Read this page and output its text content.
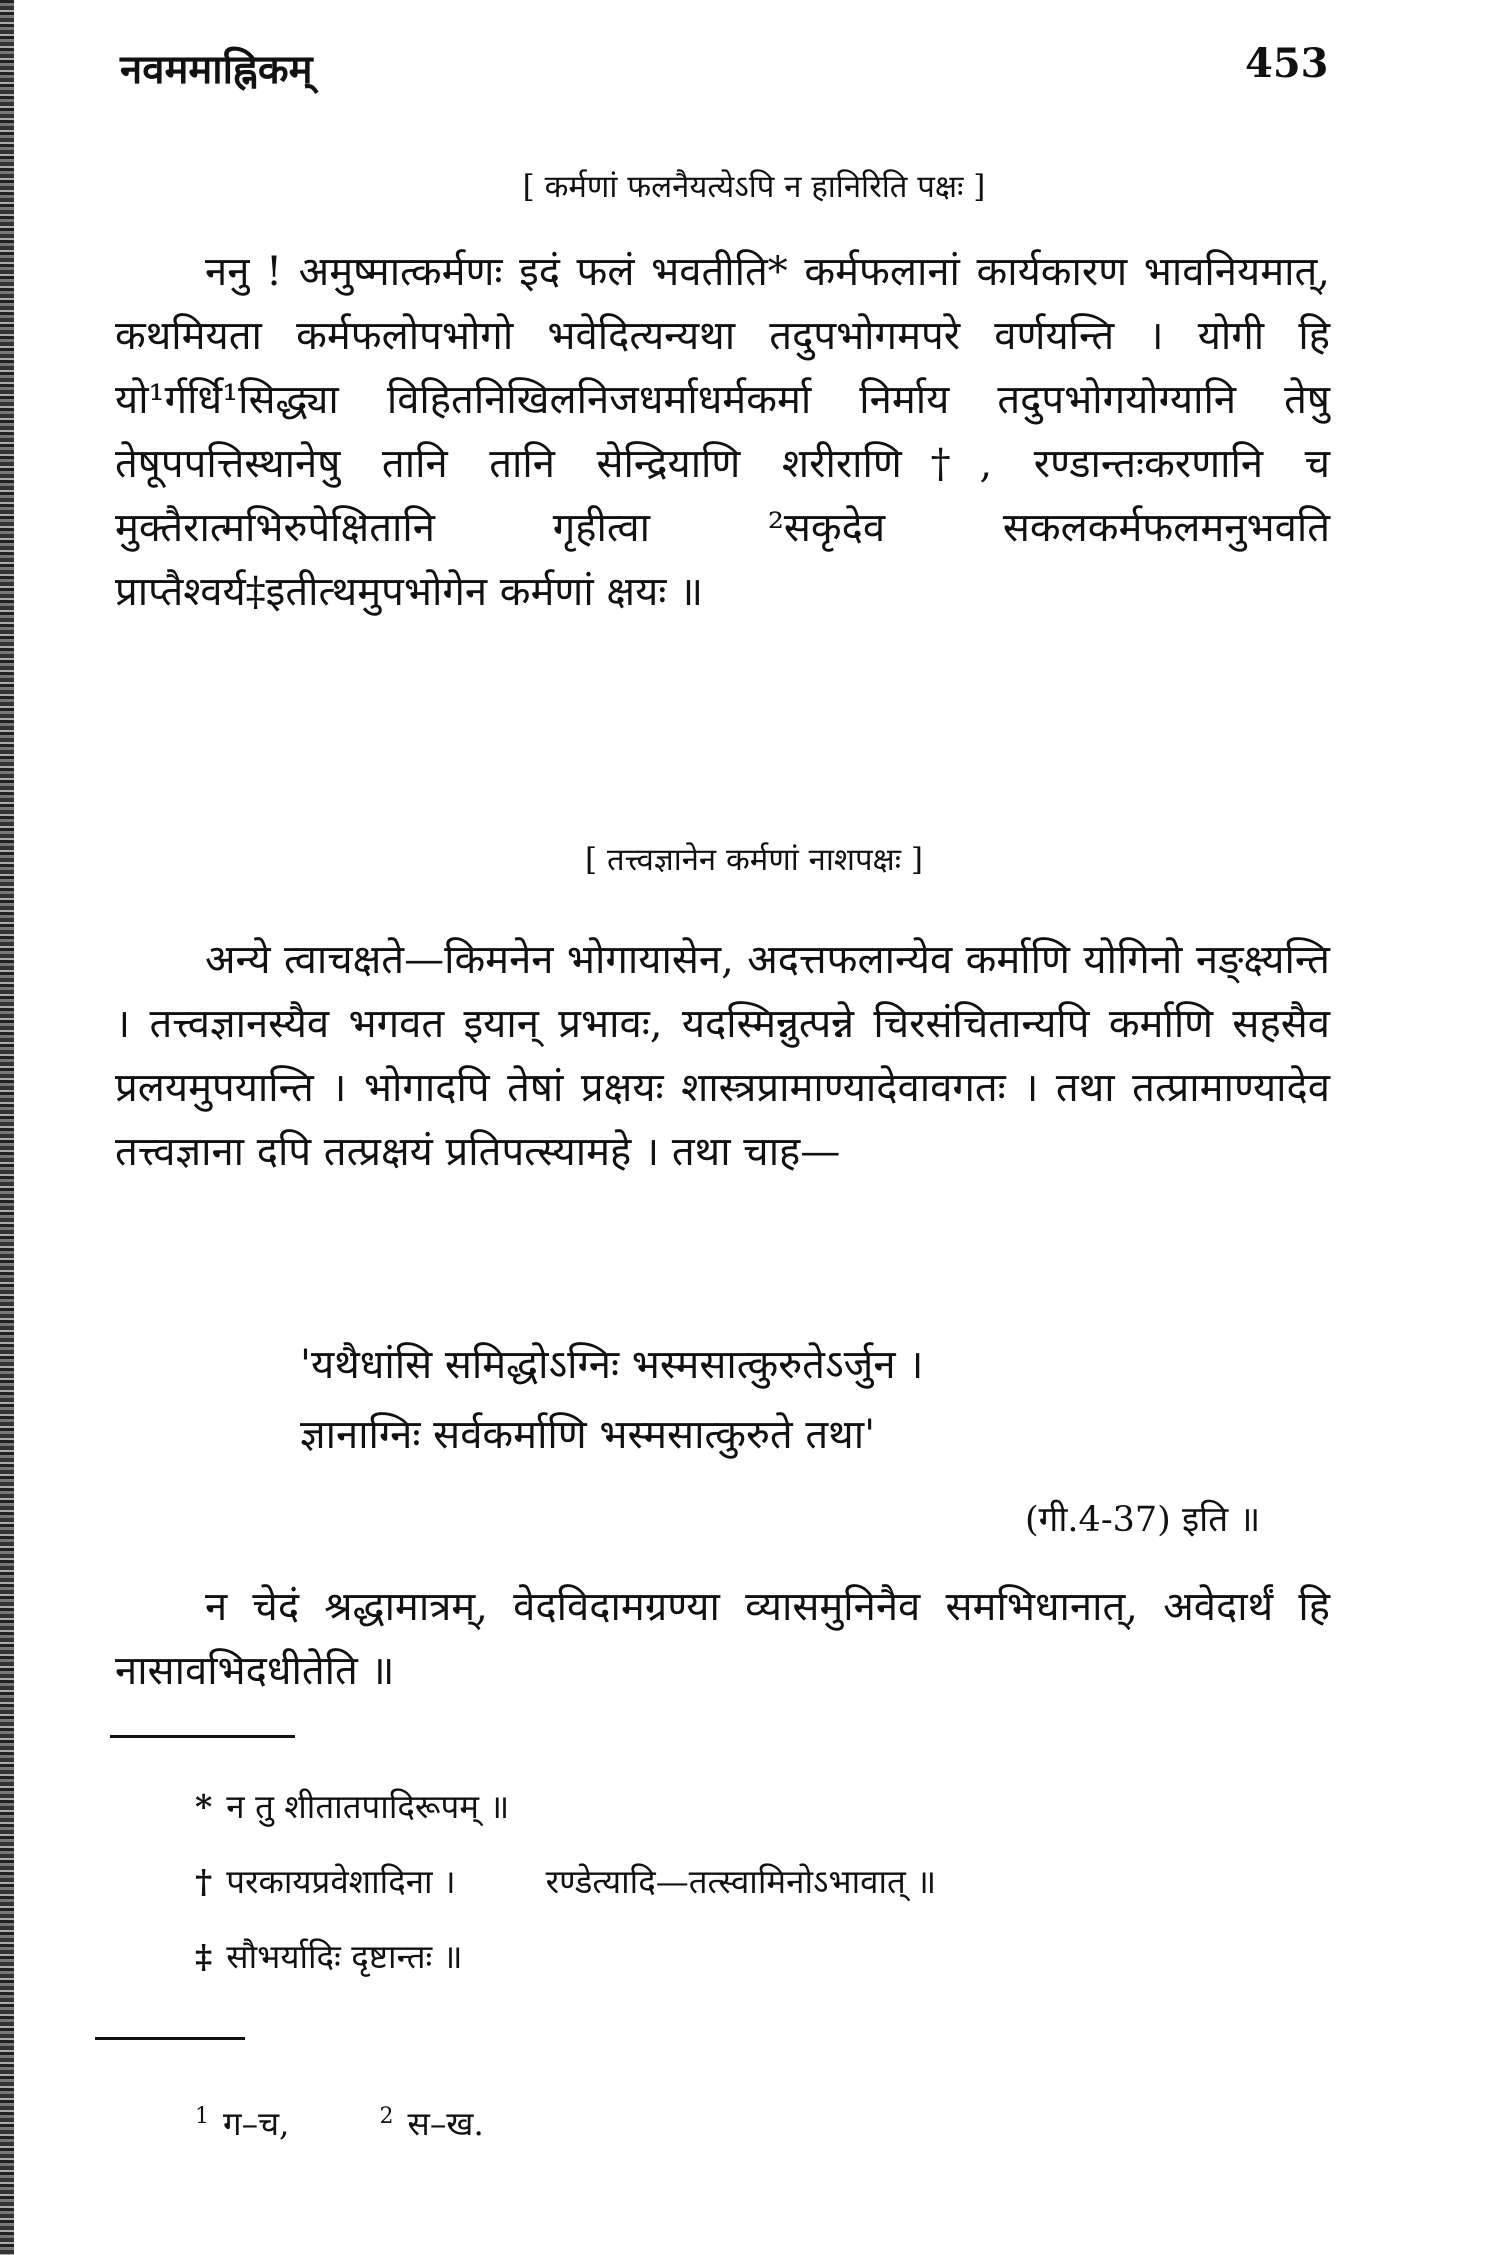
नवममाह्निकम्	453
[ कर्मणां फलनैयत्येऽपि न हानिरिति पक्षः ]

ननु ! अमुष्मात्कर्मणः इदं फलं भवतीति* कर्मफलानां कार्यकारण भावनियमात्, कथमियता कर्मफलोपभोगो भवेदित्यन्यथा तदुपभोगमपरे वर्णयन्ति । योगी हि यो¹र्गर्धि¹सिद्ध्या विहितनिखिलनिजधर्माधर्मकर्मा निर्माय तदुपभोगयोग्यानि तेषु तेषूपपत्तिस्थानेषु तानि तानि सेन्द्रियाणि शरीराणि†, रण्डान्तःकरणानि च मुक्तैरात्मभिरुपेक्षितानि गृहीत्वा ²सकृदेव सकलकर्मफलमनुभवति प्राप्तैश्वर्य‡इतीत्थमुपभोगेन कर्मणां क्षयः ॥

[ तत्त्वज्ञानेन कर्मणां नाशपक्षः ]

अन्ये त्वाचक्षते—किमनेन भोगायासेन, अदत्तफलान्येव कर्माणि योगिनो नङ्क्ष्यन्ति । तत्त्वज्ञानस्यैव भगवत इयान् प्रभावः, यदस्मिन्नुत्पन्ने चिरसंचितान्यपि कर्माणि सहसैव प्रलयमुपयान्ति । भोगादपि तेषां प्रक्षयः शास्त्रप्रामाण्यादेवावगतः । तथा तत्प्रामाण्यादेव तत्त्वज्ञाना दपि तत्प्रक्षयं प्रतिपत्स्यामहे । तथा चाह—

'यथैधांसि समिद्धोऽग्निः भस्मसात्कुरुतेऽर्जुन ।
ज्ञानाग्निः सर्वकर्माणि भस्मसात्कुरुते तथा'
(गी.4-37) इति ॥

न चेदं श्रद्धामात्रम्, वेदविदामग्रण्या व्यासमुनिनैव समभिधानात्, अवेदार्थं हि नासावभिदधीतेति ॥

* न तु शीतातपादिरूपम् ॥
† परकायप्रवेशादिना ।	रण्डेत्यादि—तत्स्वामिनोऽभावात् ॥
‡ सौभर्यादिः दृष्टान्तः ॥
$^1$ ग–च,	$^2$ स–ख.
